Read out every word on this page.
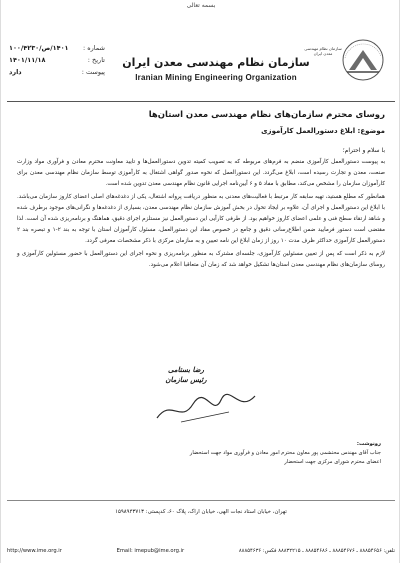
بسمه تعالی
شماره :
۱۴۰۱/ص/۱۰۰/۴۲۳۰
تاریخ :
۱۴۰۱/۱۱/۱۸
پیوست :
دارد
سازمان نظام مهندسی معدن ایران
Iranian Mining Engineering Organization
سازمان نظام مهندسی معدن ایران
روسای محترم سازمان‌های نظام مهندسی معدن استان‌ها
موضوع: ابلاغ دستورالعمل کارآموزی
با سلام و احترام؛

به پیوست دستورالعمل کارآموزی منضم به فرم‌های مربوطه که به تصویب کمیته تدوین دستورالعمل‌ها و تایید معاونت محترم معادن و فرآوری مواد وزارت صنعت، معدن و تجارت رسیده است، ابلاغ می‌گردد. این دستورالعمل که نحوه صدور گواهی اشتغال به کارآموزی توسط سازمان نظام مهندسی معدن برای کارآموزان سازمان را مشخص می‌کند، مطابق با مفاد ۵ و ۶ آیین‌نامه اجرایی قانون نظام مهندسی معدن تدوین شده است.

همانطور که مطلع هستید، تهیه سابقه کار مرتبط با فعالیت‌های معدنی به منظور دریافت پروانه اشتغال، یکی از دغدغه‌های اصلی اعضای کاروز سازمان می‌باشد. با ابلاغ این دستورالعمل و اجرای آن، علاوه بر ایجاد تحول در بخش آموزش سازمان نظام مهندسی معدن، بسیاری از دغدغه‌ها و نگرانی‌های موجود برطرف شده و شاهد ارتقاء سطح فنی و علمی اعضای کاروز خواهیم بود. از طرفی کارآیی این دستورالعمل نیز مستلزم اجرای دقیق، هماهنگ و برنامه‌ریزی شده آن است. لذا مقتضی است دستور فرمایید ضمن اطلاع‌رسانی دقیق و جامع در خصوص مفاد این دستورالعمل، مسئول کارآموزان استان با توجه به بند ۲-۱ و تبصره بند ۲ دستورالعمل کارآموزی حداکثر ظرف مدت ۱۰ روز از زمان ابلاغ این نامه تعیین و به سازمان مرکزی با ذکر مشخصات معرفی گردد.

لازم به ذکر است که پس از تعیین مسئولین کارآموزی، جلسه‌ای مشترک به منظور برنامه‌ریزی و نحوه اجرای این دستورالعمل با حضور مسئولین کارآموزی و روسای سازمان‌های نظام مهندسی معدن استان‌ها تشکیل خواهد شد که زمان آن متعاقبا اعلام می‌شود.

رضا بستامی
رئیس سازمان
رونوشت:
جناب آقای مهندس محتشمی پور معاون محترم امور معادن و فرآوری مواد جهت استحضار
اعضای محترم شورای مرکزی جهت استحضار
تهران، خیابان استاد نجات الهی، خیابان اراک، پلاک ۶۰، کدپستی: ۱۵۹۸۹۴۳۷۱۳
http://www.ime.org.ir	Email: imepub@ime.org.ir	تلفن: ۸۸۸۵۴۶۵۶ ـ ۸۸۸۵۴۶۷۶ ـ ۸۸۸۵۴۶۸۶ ـ ۸۸۸۳۲۲۱۵ فکس: ۸۸۸۵۴۶۳۶
